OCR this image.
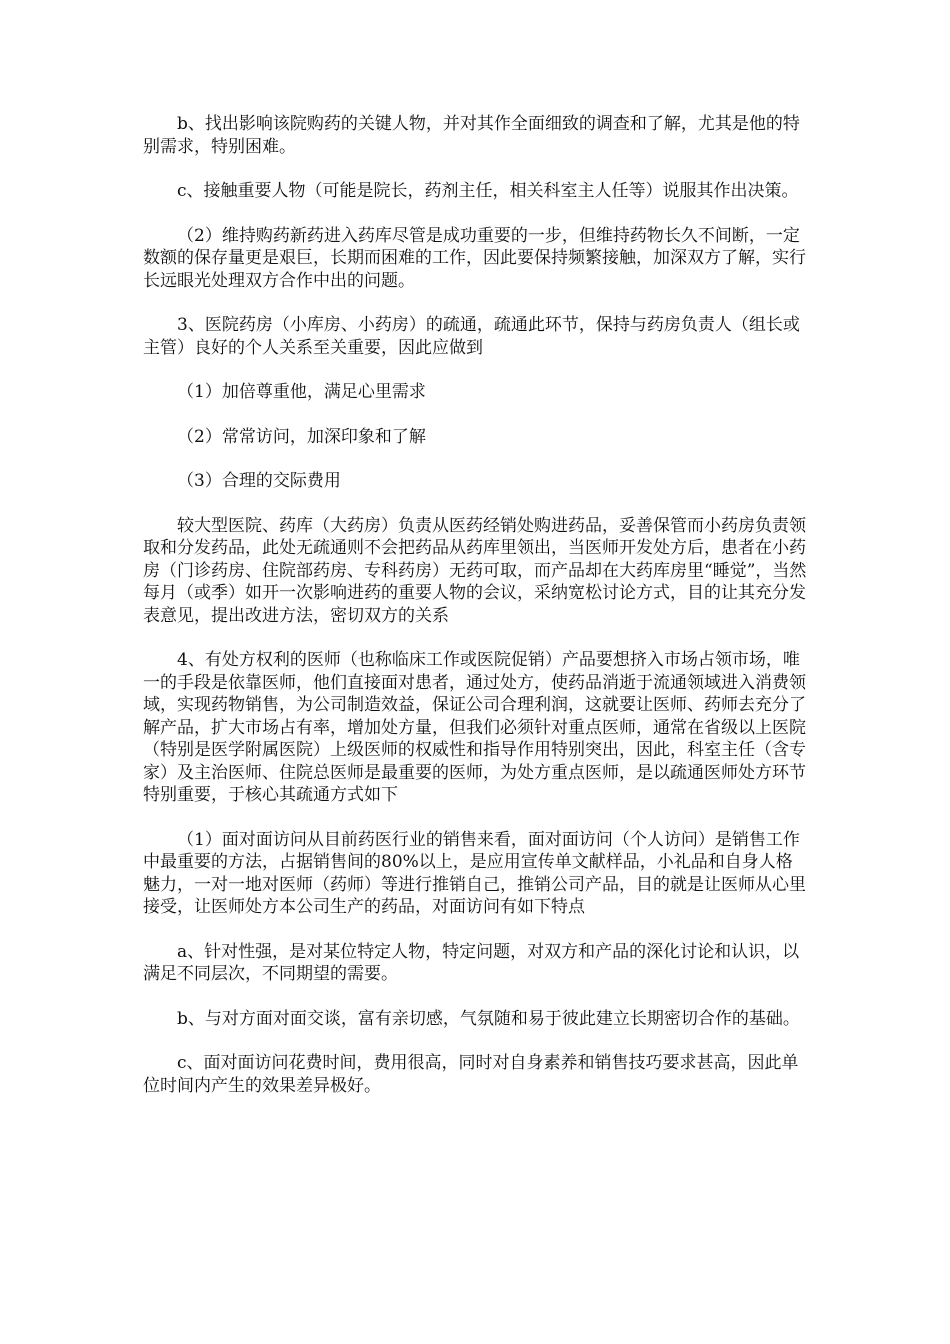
b、找出影响该院购药的关键人物，并对其作全面细致的调查和了解，尤其是他的特别需求，特别困难。

c、接触重要人物（可能是院长，药剂主任，相关科室主人任等）说服其作出决策。

（2）维持购药新药进入药库尽管是成功重要的一步，但维持药物长久不间断，一定数额的保存量更是艰巨，长期而困难的工作，因此要保持频繁接触，加深双方了解，实行长远眼光处理双方合作中出的问题。

3、医院药房（小库房、小药房）的疏通，疏通此环节，保持与药房负责人（组长或主管）良好的个人关系至关重要，因此应做到

（1）加倍尊重他，满足心里需求

（2）常常访问，加深印象和了解

（3）合理的交际费用

较大型医院、药库（大药房）负责从医药经销处购进药品，妥善保管而小药房负责领取和分发药品，此处无疏通则不会把药品从药库里领出，当医师开发处方后，患者在小药房（门诊药房、住院部药房、专科药房）无药可取，而产品却在大药库房里“睡觉”，当然每月（或季）如开一次影响进药的重要人物的会议，采纳宽松讨论方式，目的让其充分发表意见，提出改进方法，密切双方的关系

4、有处方权利的医师（也称临床工作或医院促销）产品要想挤入市场占领市场，唯一的手段是依靠医师，他们直接面对患者，通过处方，使药品消逝于流通领域进入消费领域，实现药物销售，为公司制造效益，保证公司合理利润，这就要让医师、药师去充分了解产品，扩大市场占有率，增加处方量，但我们必须针对重点医师，通常在省级以上医院（特别是医学附属医院）上级医师的权威性和指导作用特别突出，因此，科室主任（含专家）及主治医师、住院总医师是最重要的医师，为处方重点医师，是以疏通医师处方环节特别重要，于核心其疏通方式如下

（1）面对面访问从目前药医行业的销售来看，面对面访问（个人访问）是销售工作中最重要的方法，占据销售间的80%以上，是应用宣传单文献样品，小礼品和自身人格魅力，一对一地对医师（药师）等进行推销自己，推销公司产品，目的就是让医师从心里接受，让医师处方本公司生产的药品，对面访问有如下特点

a、针对性强，是对某位特定人物，特定问题，对双方和产品的深化讨论和认识，以满足不同层次，不同期望的需要。

b、与对方面对面交谈，富有亲切感，气氛随和易于彼此建立长期密切合作的基础。

c、面对面访问花费时间，费用很高，同时对自身素养和销售技巧要求甚高，因此单位时间内产生的效果差异极好。
